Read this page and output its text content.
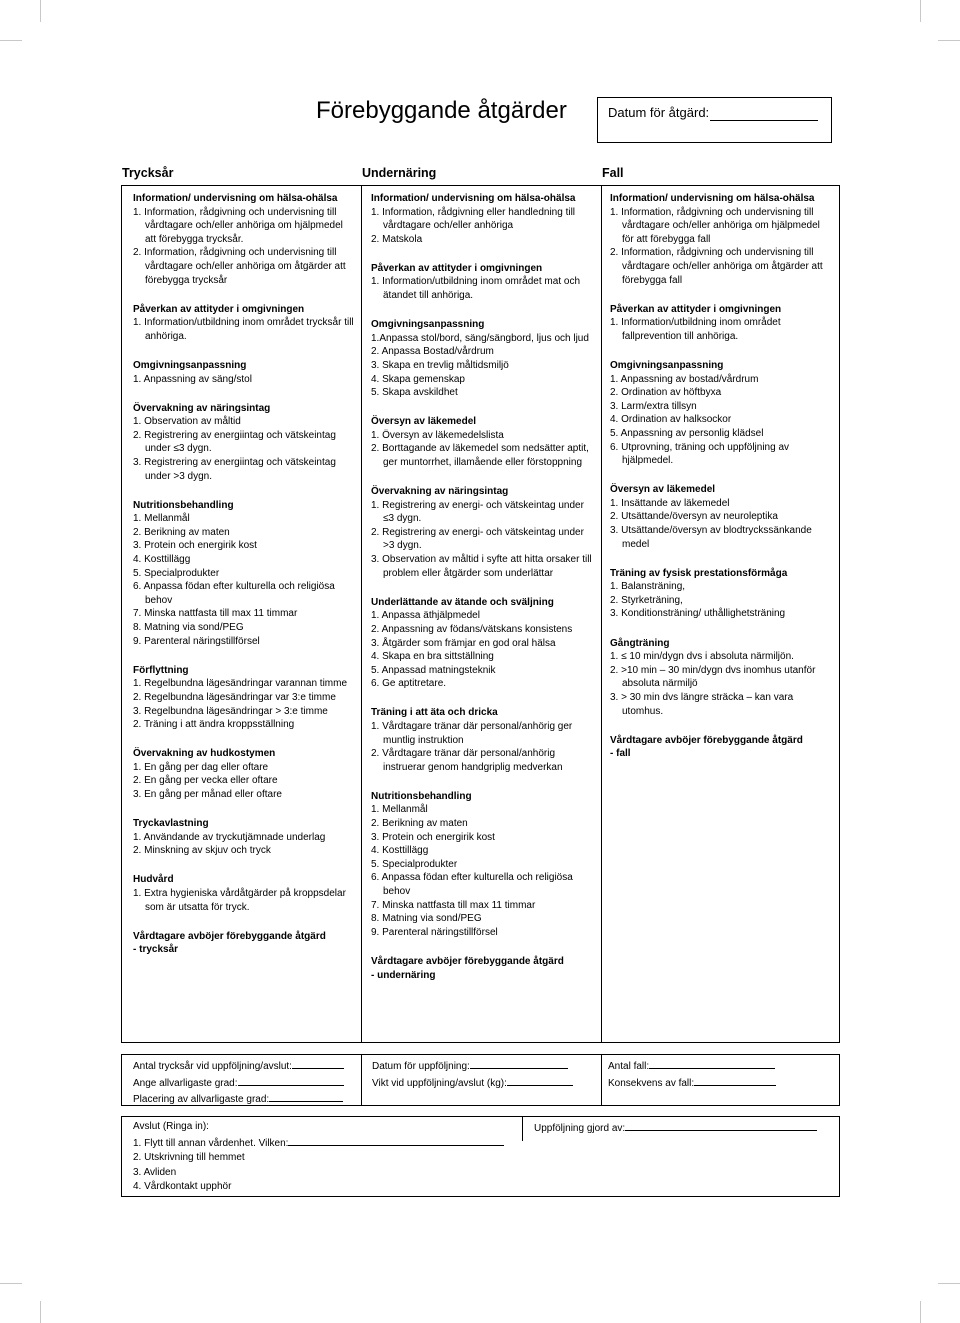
Förebyggande åtgärder	Datum för åtgärd:
Trycksår	Undernäring	Fall
Information/ undervisning om hälsa-ohälsa
1. Information, rådgivning och undervisning till vårdtagare och/eller anhöriga om hjälpmedel att förebygga trycksår.
2. Information, rådgivning och undervisning till vårdtagare och/eller anhöriga om åtgärder att förebygga trycksår
Påverkan av attityder i omgivningen
1. Information/utbildning inom området trycksår till anhöriga.
Omgivningsanpassning
1. Anpassning av säng/stol
Övervakning av näringsintag
1. Observation av måltid
2. Registrering av energiintag och vätskeintag under ≤3 dygn.
3. Registrering av energiintag och vätskeintag under >3 dygn.
Nutritionsbehandling
1. Mellanmål
2. Berikning av maten
3. Protein och energirik kost
4. Kosttillägg
5. Specialprodukter
6. Anpassa födan efter kulturella och religiösa behov
7. Minska nattfasta till max 11 timmar
8. Matning via sond/PEG
9. Parenteral näringstillförsel
Förflyttning
1. Regelbundna lägesändringar varannan timme
2. Regelbundna lägesändringar var 3:e timme
3. Regelbundna lägesändringar > 3:e timme
2. Träning i att ändra kroppsställning
Övervakning av hudkostymen
1. En gång per dag eller oftare
2. En gång per vecka eller oftare
3. En gång per månad eller oftare
Tryckavlastning
1. Användande av tryckutjämnade underlag
2. Minskning av skjuv och tryck
Hudvård
1. Extra hygieniska vårdåtgärder på kroppsdelar som är utsatta för tryck.
Vårdtagare avböjer förebyggande åtgärd
- trycksår
Information/ undervisning om hälsa-ohälsa
1. Information, rådgivning eller handledning till vårdtagare och/eller anhöriga
2. Matskola
Påverkan av attityder i omgivningen
1. Information/utbildning inom området mat och ätandet till anhöriga.
Omgivningsanpassning
1.Anpassa stol/bord, säng/sängbord, ljus och ljud
2. Anpassa Bostad/vårdrum
3. Skapa en trevlig måltidsmiljö
4. Skapa gemenskap
5. Skapa avskildhet
Översyn av läkemedel
1. Översyn av läkemedelslista
2. Borttagande av läkemedel som nedsätter aptit, ger muntorrhet, illamående eller förstoppning
Övervakning av näringsintag
1. Registrering av energi- och vätskeintag under ≤3 dygn.
2. Registrering av energi- och vätskeintag under >3 dygn.
3. Observation av måltid i syfte att hitta orsaker till problem eller åtgärder som underlättar
Underlättande av ätande och sväljning
1. Anpassa äthjälpmedel
2. Anpassning av födans/vätskans konsistens
3. Åtgärder som främjar en god oral hälsa
4. Skapa en bra sittställning
5. Anpassad matningsteknik
6. Ge aptitretare.
Träning i att äta och dricka
1. Vårdtagare tränar där personal/anhörig ger muntlig instruktion
2. Vårdtagare tränar där personal/anhörig instruerar genom handgriplig medverkan
Nutritionsbehandling
1. Mellanmål
2. Berikning av maten
3. Protein och energirik kost
4. Kosttillägg
5. Specialprodukter
6. Anpassa födan efter kulturella och religiösa behov
7. Minska nattfasta till max 11 timmar
8. Matning via sond/PEG
9. Parenteral näringstillförsel
Vårdtagare avböjer förebyggande åtgärd
- undernäring
Information/ undervisning om hälsa-ohälsa
1. Information, rådgivning och undervisning till vårdtagare och/eller anhöriga om hjälpmedel för att förebygga fall
2. Information, rådgivning och undervisning till vårdtagare och/eller anhöriga om åtgärder att förebygga fall
Påverkan av attityder i omgivningen
1. Information/utbildning inom området fallprevention till anhöriga.
Omgivningsanpassning
1. Anpassning av bostad/vårdrum
2. Ordination av höftbyxa
3. Larm/extra tillsyn
4. Ordination av halksockor
5. Anpassning av personlig klädsel
6. Utprovning, träning och uppföljning av hjälpmedel.
Översyn av läkemedel
1. Insättande av läkemedel
2. Utsättande/översyn av neuroleptika
3. Utsättande/översyn av blodtryckssänkande medel
Träning av fysisk prestationsförmåga
1. Balansträning,
2. Styrketräning,
3. Konditionsträning/ uthållighetsträning
Gångträning
1. ≤ 10 min/dygn dvs i absoluta närmiljön.
2. >10 min – 30 min/dygn dvs inomhus utanför absoluta närmiljö
3. > 30 min dvs längre sträcka – kan vara utomhus.
Vårdtagare avböjer förebyggande åtgärd
- fall
Antal trycksår vid uppföljning/avslut:
Ange allvarligaste grad:
Placering av allvarligaste grad:
Datum för uppföljning:
Vikt vid uppföljning/avslut (kg):
Antal fall:
Konsekvens av fall:
Avslut (Ringa in):
1. Flytt till annan vårdenhet. Vilken:
2. Utskrivning till hemmet
3. Avliden
4. Vårdkontakt upphör
Uppföljning gjord av:
